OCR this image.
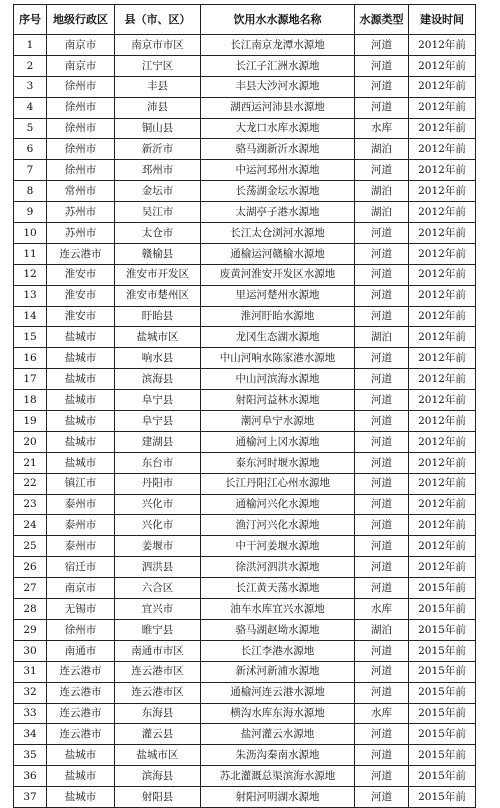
序号	地级行政区	县（市、区）	饮用水水源地名称	水源类型	建设时间
1	南京市	南京市市区	长江南京龙潭水源地	河道	2012年前
2	南京市	江宁区	长江子汇洲水源地	河道	2012年前
3	徐州市	丰县	丰县大沙河水源地	河道	2012年前
4	徐州市	沛县	湖西运河沛县水源地	河道	2012年前
5	徐州市	铜山县	大龙口水库水源地	水库	2012年前
6	徐州市	新沂市	骆马湖新沂水源地	湖泊	2012年前
7	徐州市	邳州市	中运河邳州水源地	河道	2012年前
8	常州市	金坛市	长荡湖金坛水源地	湖泊	2012年前
9	苏州市	吴江市	太湖亭子港水源地	湖泊	2012年前
10	苏州市	太仓市	长江太仓浏河水源地	河道	2012年前
11	连云港市	赣榆县	通榆运河赣榆水源地	河道	2012年前
12	淮安市	淮安市开发区	废黄河淮安开发区水源地	河道	2012年前
13	淮安市	淮安市楚州区	里运河楚州水源地	河道	2012年前
14	淮安市	盱眙县	淮河盱眙水源地	河道	2012年前
15	盐城市	盐城市区	龙冈生态湖水源地	湖泊	2012年前
16	盐城市	响水县	中山河响水陈家港水源地	河道	2012年前
17	盐城市	滨海县	中山河滨海水源地	河道	2012年前
18	盐城市	阜宁县	射阳河益林水源地	河道	2012年前
19	盐城市	阜宁县	潮河阜宁水源地	河道	2012年前
20	盐城市	建湖县	通榆河上冈水源地	河道	2012年前
21	盐城市	东台市	泰东河时堰水源地	河道	2012年前
22	镇江市	丹阳市	长江丹阳江心州水源地	河道	2012年前
23	泰州市	兴化市	通榆河兴化水源地	河道	2012年前
24	泰州市	兴化市	渔汀河兴化水源地	河道	2012年前
25	泰州市	姜堰市	中干河姜堰水源地	河道	2012年前
26	宿迁市	泗洪县	徐洪河泗洪水源地	河道	2012年前
27	南京市	六合区	长江黄天荡水源地	河道	2015年前
28	无锡市	宜兴市	油车水库宜兴水源地	水库	2015年前
29	徐州市	睢宁县	骆马湖赵坳水源地	湖泊	2015年前
30	南通市	南通市市区	长江李港水源地	河道	2015年前
31	连云港市	连云港市区	新沭河新浦水源地	河道	2015年前
32	连云港市	连云港市区	通榆河连云港水源地	河道	2015年前
33	连云港市	东海县	横沟水库东海水源地	水库	2015年前
34	连云港市	灌云县	盐河灌云水源地	河道	2015年前
35	盐城市	盐城市区	朱沥沟秦南水源地	河道	2015年前
36	盐城市	滨海县	苏北灌溉总渠滨海水源地	河道	2015年前
37	盐城市	射阳县	射阳河明湖水源地	河道	2015年前
